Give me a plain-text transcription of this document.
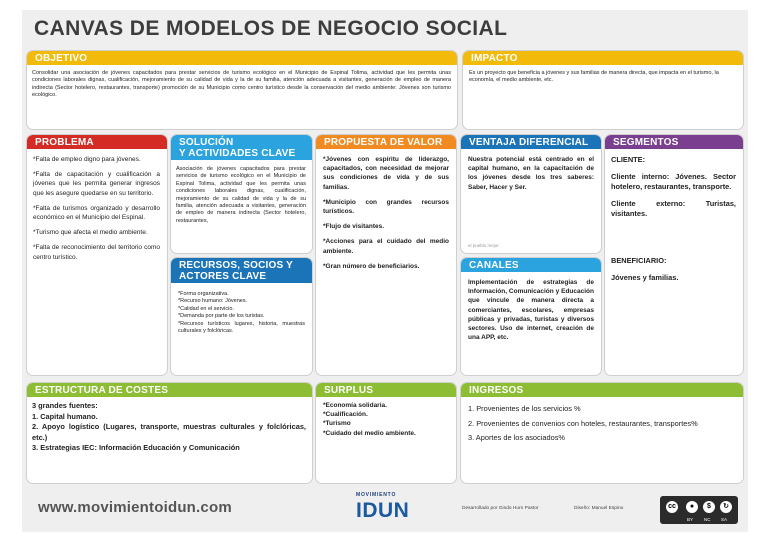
CANVAS DE MODELOS DE NEGOCIO SOCIAL
OBJETIVO
Consolidar una asociación de jóvenes capacitados para prestar servicios de turismo ecológico en el Municipio de Espinal Tolima, actividad que les permita unas condiciones laborales dignas, cualificación, mejoramiento de su calidad de vida y la de su familia, atención adecuada a visitantes, generación de empleo de manera indirecta (Sector hotelero, restaurantes, transporte) promoción de su Municipio como centro turístico desde la conservación del medio ambiente: Jóvenes son turismo ecológico.
IMPACTO
Es un proyecto que beneficia a jóvenes y sus familias de manera directa, que impacta en el turismo, la economía, el medio ambiente, etc.
PROBLEMA

*Falta de empleo digno para jóvenes.

*Falta de capacitación y cualificación a jóvenes que les permita generar ingresos que les asegure quedarse en su territorio.

*Falta de turismos organizado y desarrollo económico en el Municipio del Espinal.

*Turismo que afecta el medio ambiente.

*Falta de reconocimiento del territorio como centro turístico.

SOLUCIÓN
Y ACTIVIDADES CLAVE
Asociación de jóvenes capacitados para prestar servicios de turismo ecológico en el Municipio de Espinal Tolima, actividad que les permita unas condiciones laborales dignas, cualificación, mejoramiento de su calidad de vida y la de su familia, atención adecuada a visitantes, generación de empleo de manera indirecta (Sector hotelero, restaurantes,
RECURSOS, SOCIOS Y
ACTORES CLAVE

*Forma organizativa.

*Recurso humano: Jóvenes.

*Calidad en el servicio.

*Demanda por parte de los turistas.

*Recursos turísticos lugares, historia, muestras culturales y folclóricas.

PROPUESTA DE VALOR

*Jóvenes con espíritu de liderazgo, capacitados, con necesidad de mejorar sus condiciones de vida y de sus familias.

*Municipio con grandes recursos turísticos.

*Flujo de visitantes.

*Acciones para el cuidado del medio ambiente.

*Gran número de beneficiarios.

VENTAJA DIFERENCIAL
Nuestra potencial está centrado en el capital humano, en la capacitación de los jóvenes desde los tres saberes: Saber, Hacer y Ser.
el pueblo mejor.
CANALES
Implementación de estrategias de Información, Comunicación y Educación que vincule de manera directa a comerciantes, escolares, empresas públicas y privadas, turistas y diversos sectores. Uso de internet, creación de una APP, etc.
SEGMENTOS

CLIENTE:

Cliente interno: Jóvenes. Sector hotelero, restaurantes, transporte.

Cliente externo: Turistas, visitantes.

BENEFICIARIO:

Jóvenes y familias.

ESTRUCTURA DE COSTES

3 grandes fuentes:

1. Capital humano.

2. Apoyo logístico (Lugares, transporte, muestras culturales y folclóricas, etc.)

3. Estrategias IEC: Información Educación y Comunicación

SURPLUS

*Economía solidaria.

*Cualificación.

*Turismo

*Cuidado del medio ambiente.

INGRESOS

1. Provenientes de los servicios %

2. Provenientes de convenios con hoteles, restaurantes, transportes%

3. Aportes de los asociados%

www.movimientoidun.com
MOVIMIENTO
IDUN	Desarrollado por Gindo Hurn Pastor	Diseño: Manuel Espino	cc	●	$	↻
BY NC SA
